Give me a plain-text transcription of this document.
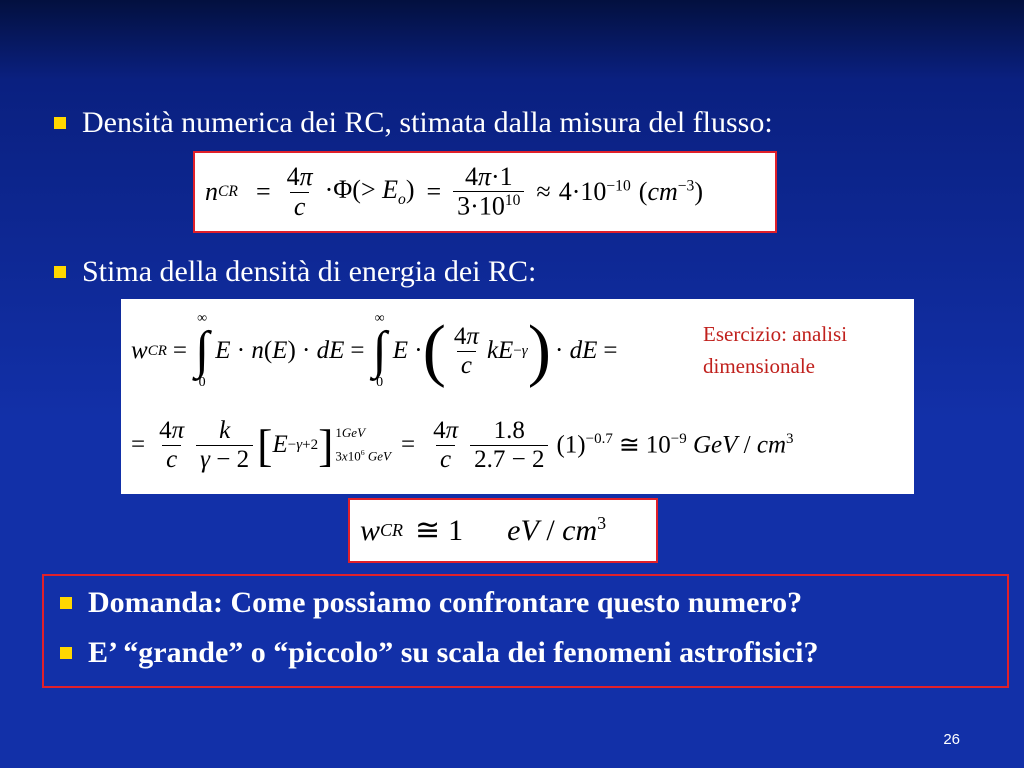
Densità numerica dei RC, stimata dalla misura del flusso:
n CR = $\frac{4\pi}{c} \cdot\Phi(> E_o) = \frac{4\pi\cdot 1}{3\cdot 10^{10}} \approx 4\cdot 10^{-10}$ $(cm^{-3})$
Stima della densità di energia dei RC:
w CR =
∞
∫
0
E · n(E) · dE =
∞
∫
0
E · ( $\frac{4\pi}{c}$ kE −γ ) · dE =
= $\frac{4\pi}{c} \frac{k}{\gamma - 2}$ [ E −γ+2 ] 1GeV
$3x10^6$ GeV = $\frac{4\pi}{c} \frac{1.8}{2.7 - 2} (1)^{-0.7}$ ≅ $10^{-9}$ GeV / $cm^3$
Esercizio: analisi
dimensionale
w CR ≅ 1 eV / $cm^3$
Domanda: Come possiamo confrontare questo numero?
E’ “grande” o “piccolo” su scala dei fenomeni astrofisici?
26
